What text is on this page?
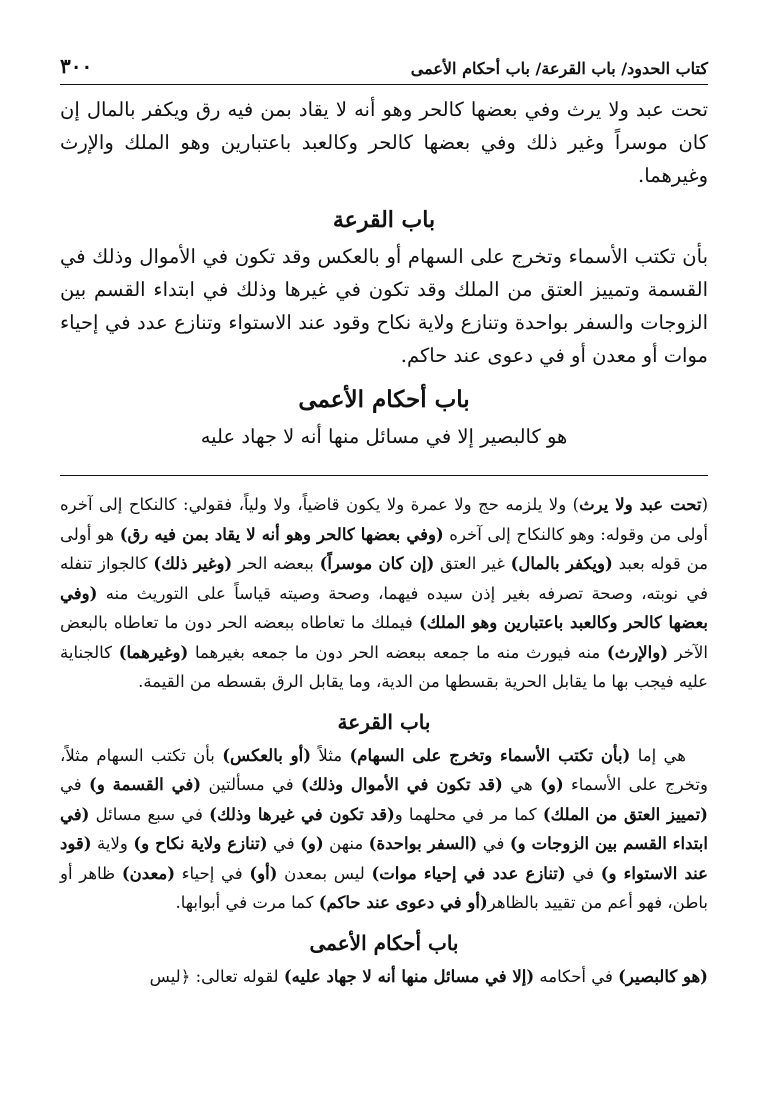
كتاب الحدود/ باب القرعة/ باب أحكام الأعمى
٣٠٠

تحت عبد ولا يرث وفي بعضها كالحر وهو أنه لا يقاد بمن فيه رق ويكفر بالمال إن كان موسراً وغير ذلك وفي بعضها كالحر وكالعبد باعتبارين وهو الملك والإرث وغيرهما.

باب القرعة

بأن تكتب الأسماء وتخرج على السهام أو بالعكس وقد تكون في الأموال وذلك في القسمة وتمييز العتق من الملك وقد تكون في غيرها وذلك في ابتداء القسم بين الزوجات والسفر بواحدة وتنازع ولاية نكاح وقود عند الاستواء وتنازع عدد في إحياء موات أو معدن أو في دعوى عند حاكم.

باب أحكام الأعمى

هو كالبصير إلا في مسائل منها أنه لا جهاد عليه

(تحت عبد ولا يرث) ولا يلزمه حج ولا عمرة ولا يكون قاضياً، ولا ولياً، فقولي: كالنكاح إلى آخره أولى من وقوله: وهو كالنكاح إلى آخره (وفي بعضها كالحر وهو أنه لا يقاد بمن فيه رق) هو أولى من قوله بعبد (ويكفر بالمال) غير العتق (إن كان موسراً) ببعضه الحر (وغير ذلك) كالجواز تنفله في نوبته، وصحة تصرفه بغير إذن سيده فيهما، وصحة وصيته قياساً على التوريث منه (وفي بعضها كالحر وكالعبد باعتبارين وهو الملك) فيملك ما تعاطاه ببعضه الحر دون ما تعاطاه بالبعض الآخر (والإرث) منه فيورث منه ما جمعه ببعضه الحر دون ما جمعه بغيرهما (وغيرهما) كالجناية عليه فيجب بها ما يقابل الحرية بقسطها من الدية، وما يقابل الرق بقسطه من القيمة.

باب القرعة

هي إما (بأن تكتب الأسماء وتخرج على السهام) مثلاً (أو بالعكس) بأن تكتب السهام مثلاً، وتخرج على الأسماء (و) هي (قد تكون في الأموال وذلك) في مسألتين (في القسمة و) في (تمييز العتق من الملك) كما مر في محلهما و(قد تكون في غيرها وذلك) في سبع مسائل (في ابتداء القسم بين الزوجات و) في (السفر بواحدة) منهن (و) في (تنازع ولاية نكاح و) ولاية (قود عند الاستواء و) في (تنازع عدد في إحياء موات) ليس بمعدن (أو) في إحياء (معدن) ظاهر أو باطن، فهو أعم من تقييد بالظاهر(أو في دعوى عند حاكم) كما مرت في أبوابها.

باب أحكام الأعمى

(هو كالبصير) في أحكامه (إلا في مسائل منها أنه لا جهاد عليه) لقوله تعالى: ﴿ليس
